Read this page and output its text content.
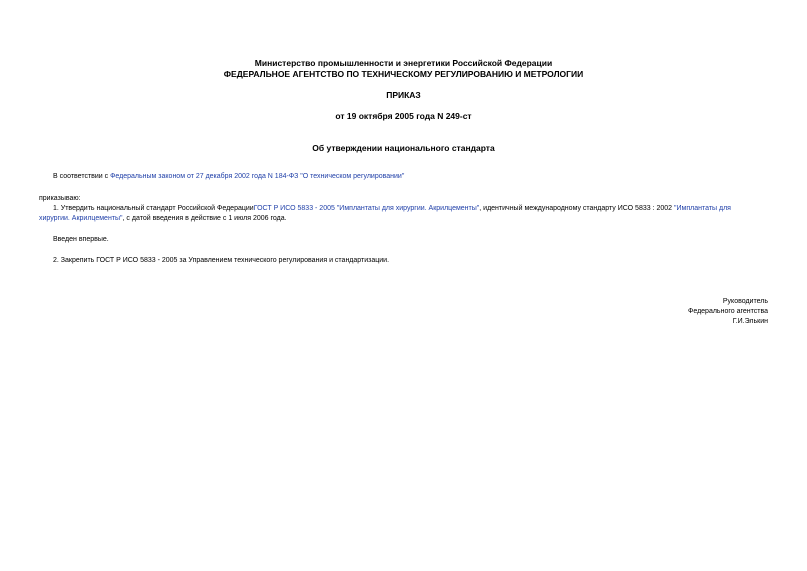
Министерство промышленности и энергетики Российской Федерации
ФЕДЕРАЛЬНОЕ АГЕНТСТВО ПО ТЕХНИЧЕСКОМУ РЕГУЛИРОВАНИЮ И МЕТРОЛОГИИ
ПРИКАЗ
от 19 октября 2005 года N 249-ст
Об утверждении национального стандарта
В соответствии с Федеральным законом от 27 декабря 2002 года N 184-ФЗ "О техническом регулировании"
приказываю:
1. Утвердить национальный стандарт Российской ФедерацииГОСТ Р ИСО 5833 - 2005 "Имплантаты для хирургии. Акрилцементы", идентичный международному стандарту ИСО 5833 : 2002 "Имплантаты для
хирургии. Акрилцементы", с датой введения в действие с 1 июля 2006 года.
Введен впервые.
2. Закрепить ГОСТ Р ИСО 5833 - 2005 за Управлением технического регулирования и стандартизации.
Руководитель
Федерального агентства
Г.И.Элькин
